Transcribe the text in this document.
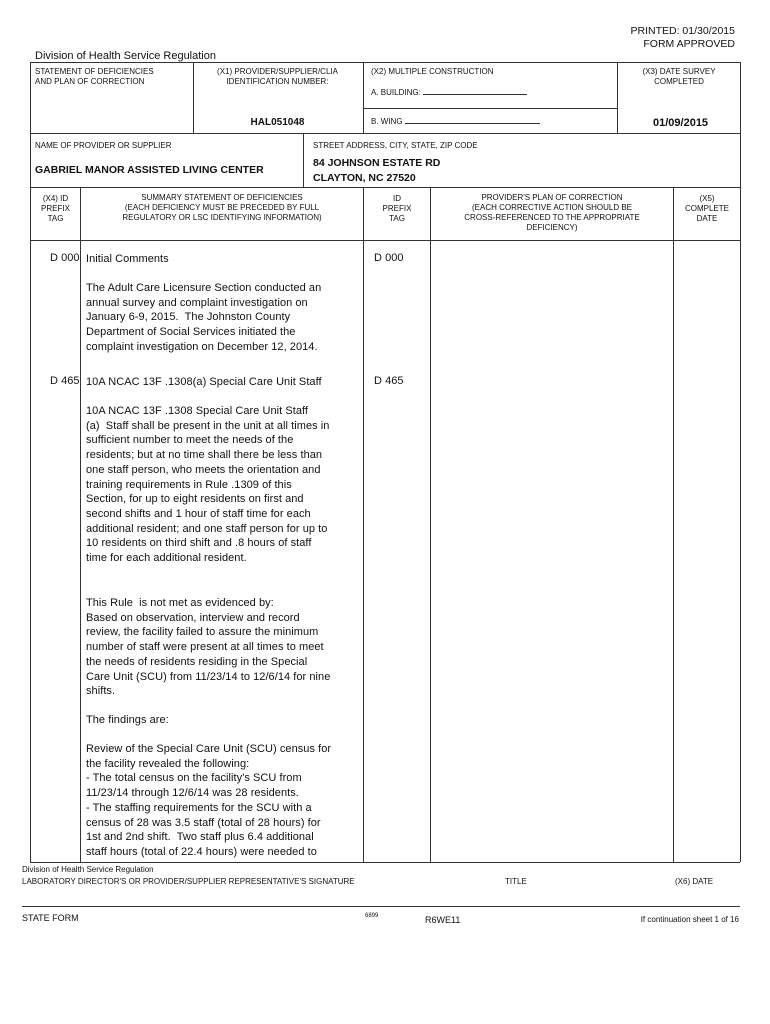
PRINTED: 01/30/2015
FORM APPROVED
Division of Health Service Regulation
STATEMENT OF DEFICIENCIES
AND PLAN OF CORRECTION
(X1) PROVIDER/SUPPLIER/CLIA
IDENTIFICATION NUMBER:
HAL051048
(X2) MULTIPLE CONSTRUCTION
A. BUILDING:
B. WING
(X3) DATE SURVEY
COMPLETED
01/09/2015
NAME OF PROVIDER OR SUPPLIER
GABRIEL MANOR ASSISTED LIVING CENTER
STREET ADDRESS, CITY, STATE, ZIP CODE
84 JOHNSON ESTATE RD
CLAYTON, NC 27520
(X4) ID
PREFIX
TAG
SUMMARY STATEMENT OF DEFICIENCIES
(EACH DEFICIENCY MUST BE PRECEDED BY FULL
REGULATORY OR LSC IDENTIFYING INFORMATION)
ID
PREFIX
TAG
PROVIDER'S PLAN OF CORRECTION
(EACH CORRECTIVE ACTION SHOULD BE
CROSS-REFERENCED TO THE APPROPRIATE
DEFICIENCY)
(X5)
COMPLETE
DATE
D 000	D 000
Initial Comments
The Adult Care Licensure Section conducted an
annual survey and complaint investigation on
January 6-9, 2015.  The Johnston County
Department of Social Services initiated the
complaint investigation on December 12, 2014.
D 465	D 465
10A NCAC 13F .1308(a) Special Care Unit Staff
10A NCAC 13F .1308 Special Care Unit Staff
(a)  Staff shall be present in the unit at all times in
sufficient number to meet the needs of the
residents; but at no time shall there be less than
one staff person, who meets the orientation and
training requirements in Rule .1309 of this
Section, for up to eight residents on first and
second shifts and 1 hour of staff time for each
additional resident; and one staff person for up to
10 residents on third shift and .8 hours of staff
time for each additional resident.
This Rule  is not met as evidenced by:
Based on observation, interview and record
review, the facility failed to assure the minimum
number of staff were present at all times to meet
the needs of residents residing in the Special
Care Unit (SCU) from 11/23/14 to 12/6/14 for nine
shifts.
The findings are:
Review of the Special Care Unit (SCU) census for
the facility revealed the following:
- The total census on the facility's SCU from
11/23/14 through 12/6/14 was 28 residents.
- The staffing requirements for the SCU with a
census of 28 was 3.5 staff (total of 28 hours) for
1st and 2nd shift.  Two staff plus 6.4 additional
staff hours (total of 22.4 hours) were needed to
Division of Health Service Regulation
LABORATORY DIRECTOR'S OR PROVIDER/SUPPLIER REPRESENTATIVE'S SIGNATURE	TITLE	(X6) DATE
STATE FORM	6899	R6WE11	If continuation sheet 1 of 16
